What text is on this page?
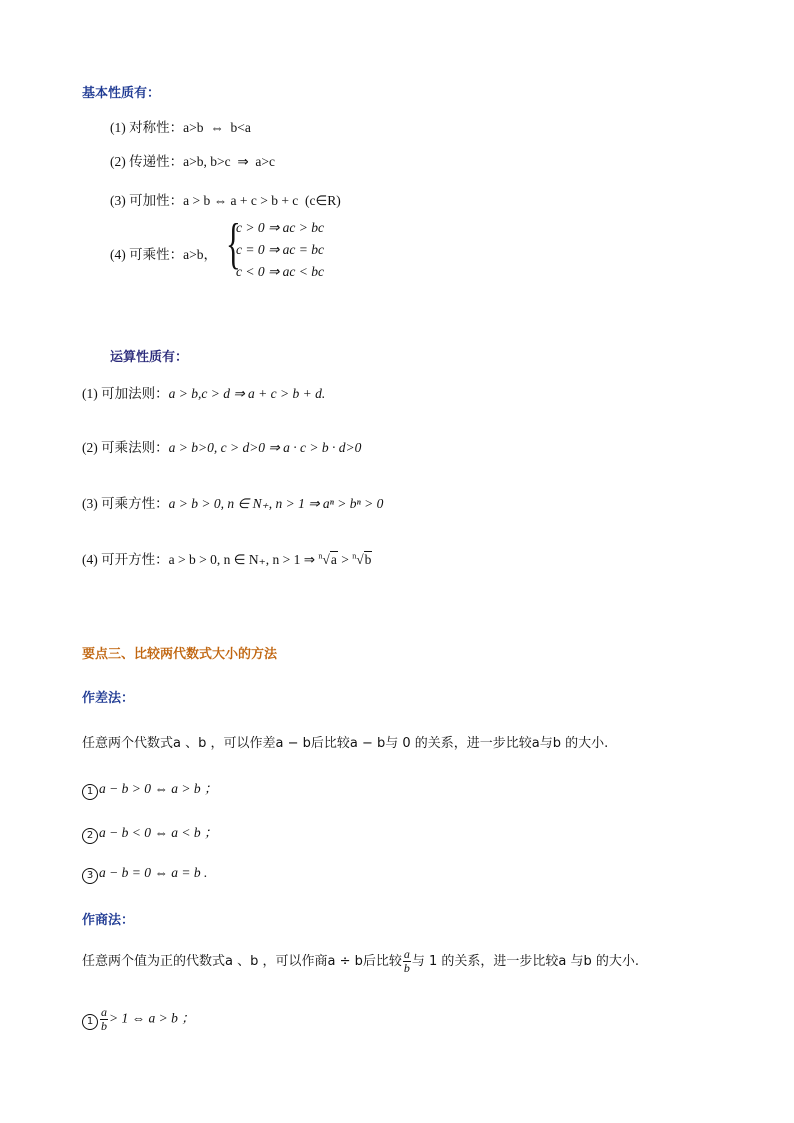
基本性质有：
(1) 对称性：a>b  ⇔  b<a
(2) 传递性：a>b, b>c  ⇒  a>c
(3) 可加性：a > b ⇔ a + c > b + c  (c∈R)
(4) 可乘性：a>b， {
c > 0 ⇒ ac > bc
c = 0 ⇒ ac = bc
c < 0 ⇒ ac < bc
运算性质有：
(1) 可加法则：a > b,c > d ⇒ a + c > b + d.
(2) 可乘法则：a > b>0, c > d>0 ⇒ a · c > b · d>0
(3) 可乘方性：a > b > 0, n ∈ N₊, n > 1 ⇒ aⁿ > bⁿ > 0
(4) 可开方性：a > b > 0, n ∈ N₊, n > 1 ⇒ $^n$√a > $^n$√b
要点三、比较两代数式大小的方法
作差法：
任意两个代数式a 、b ，可以作差a − b后比较a − b与 0 的关系，进一步比较a与b 的大小.
1 a − b > 0 ⇔ a > b ；
2 a − b < 0 ⇔ a < b ；
3 a − b = 0 ⇔ a = b .
作商法：
任意两个值为正的代数式a 、b ，可以作商a ÷ b后比较 $\frac{a}{b}$ 与 1 的关系，进一步比较a 与b 的大小.
$1 \frac{a}{b} > 1$ ⇔ a > b ；
